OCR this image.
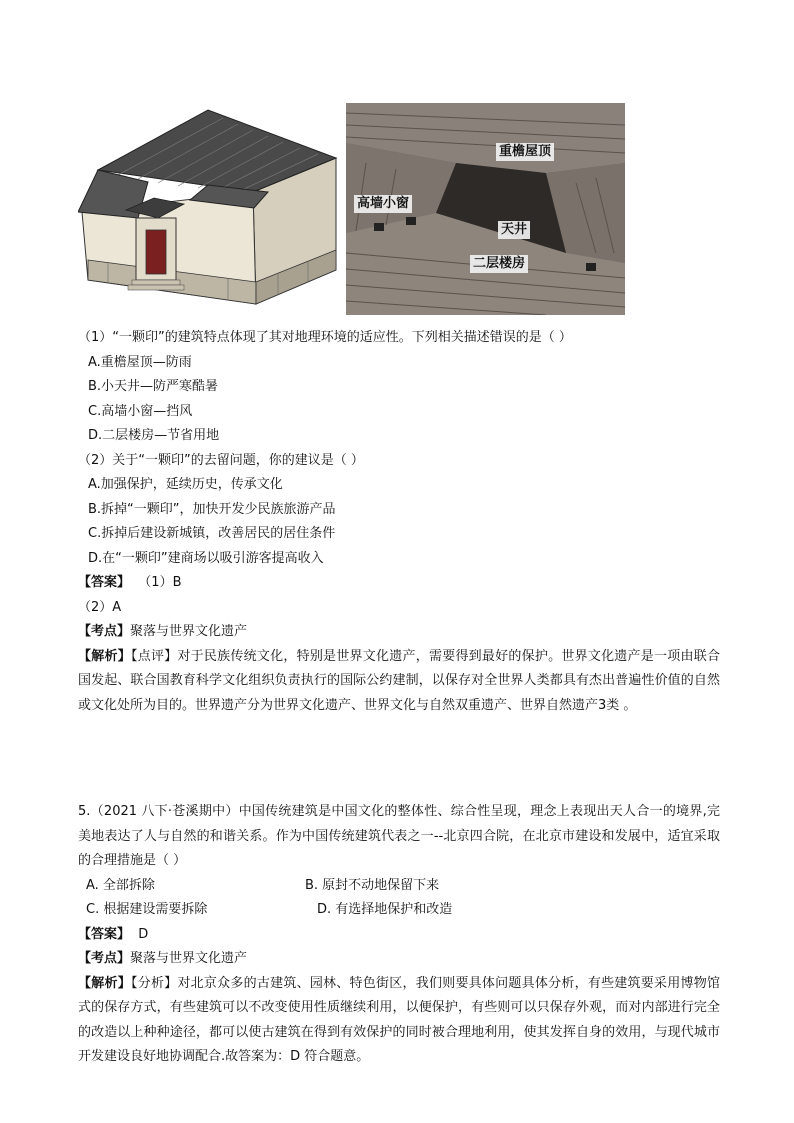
重檐屋顶
高墙小窗
天井
二层楼房
（1）“一颗印”的建筑特点体现了其对地理环境的适应性。下列相关描述错误的是（ ）
A.重檐屋顶—防雨
B.小天井—防严寒酷暑
C.高墙小窗—挡风
D.二层楼房—节省用地
（2）关于“一颗印”的去留问题，你的建议是（ ）
A.加强保护，延续历史，传承文化
B.拆掉“一颗印”，加快开发少民族旅游产品
C.拆掉后建设新城镇，改善居民的居住条件
D.在“一颗印”建商场以吸引游客提高收入
【答案】 （1）B
（2）A
【考点】聚落与世界文化遗产
【解析】【点评】对于民族传统文化，特别是世界文化遗产，需要得到最好的保护。世界文化遗产是一项由联合国发起、联合国教育科学文化组织负责执行的国际公约建制，以保存对全世界人类都具有杰出普遍性价值的自然或文化处所为目的。世界遗产分为世界文化遗产、世界文化与自然双重遗产、世界自然遗产3类 。
5.（2021 八下·苍溪期中）中国传统建筑是中国文化的整体性、综合性呈现，理念上表现出天人合一的境界,完美地表达了人与自然的和谐关系。作为中国传统建筑代表之一--北京四合院，在北京市建设和发展中，适宜采取的合理措施是（ ）
A. 全部拆除	B. 原封不动地保留下来
C. 根据建设需要拆除	D. 有选择地保护和改造
【答案】 D
【考点】聚落与世界文化遗产
【解析】【分析】对北京众多的古建筑、园林、特色街区，我们则要具体问题具体分析，有些建筑要采用博物馆式的保存方式，有些建筑可以不改变使用性质继续利用，以便保护，有些则可以只保存外观，而对内部进行完全的改造以上种种途径，都可以使古建筑在得到有效保护的同时被合理地利用，使其发挥自身的效用，与现代城市开发建设良好地协调配合.故答案为：D 符合题意。
